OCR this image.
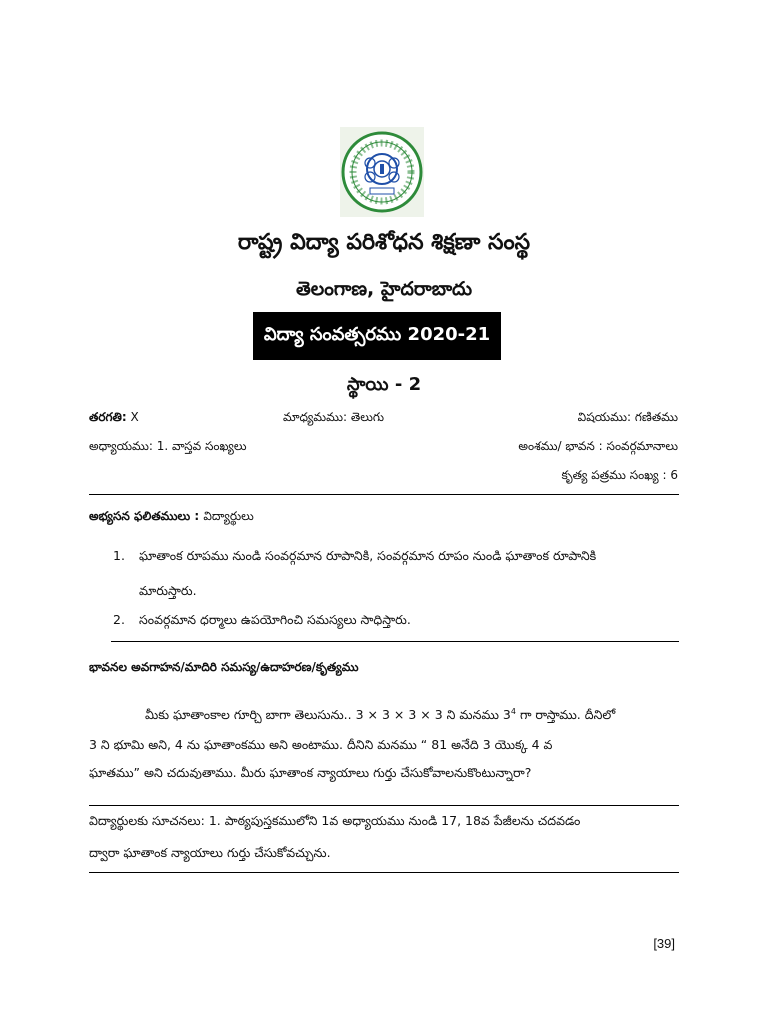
రాష్ట్ర విద్యా పరిశోధన శిక్షణా సంస్థ
తెలంగాణ, హైదరాబాదు
విద్యా సంవత్సరము 2020-21
స్థాయి - 2
తరగతి: X	మాధ్యమము: తెలుగు	విషయము: గణితము
అధ్యాయము: 1. వాస్తవ సంఖ్యలు	అంశము/ భావన : సంవర్గమానాలు
కృత్య పత్రము సంఖ్య : 6
అభ్యసన ఫలితములు : విద్యార్థులు
1. ఘాతాంక రూపము నుండి సంవర్గమాన రూపానికి, సంవర్గమాన రూపం నుండి ఘాతాంక రూపానికి
మారుస్తారు.
2. సంవర్గమాన ధర్మాలు ఉపయోగించి సమస్యలు సాధిస్తారు.
భావనల అవగాహన/మాదిరి సమస్య/ఉదాహరణ/కృత్యము
మీకు ఘాతాంకాల గూర్చి బాగా తెలుసును.. 3 × 3 × 3 × 3 ని మనము $3^4$ గా రాస్తాము. దీనిలో
3 ని భూమి అని, 4 ను ఘాతాంకము అని అంటాము. దీనిని మనము “ 81 అనేది 3 యొక్క 4 వ
ఘాతము” అని చదువుతాము. మీరు ఘాతాంక న్యాయాలు గుర్తు చేసుకోవాలనుకొంటున్నారా?
విద్యార్థులకు సూచనలు: 1. పాఠ్యపుస్తకములోని 1వ అధ్యాయము నుండి 17, 18వ పేజీలను చదవడం
ద్వారా ఘాతాంక న్యాయాలు గుర్తు చేసుకోవచ్చును.
[39]
